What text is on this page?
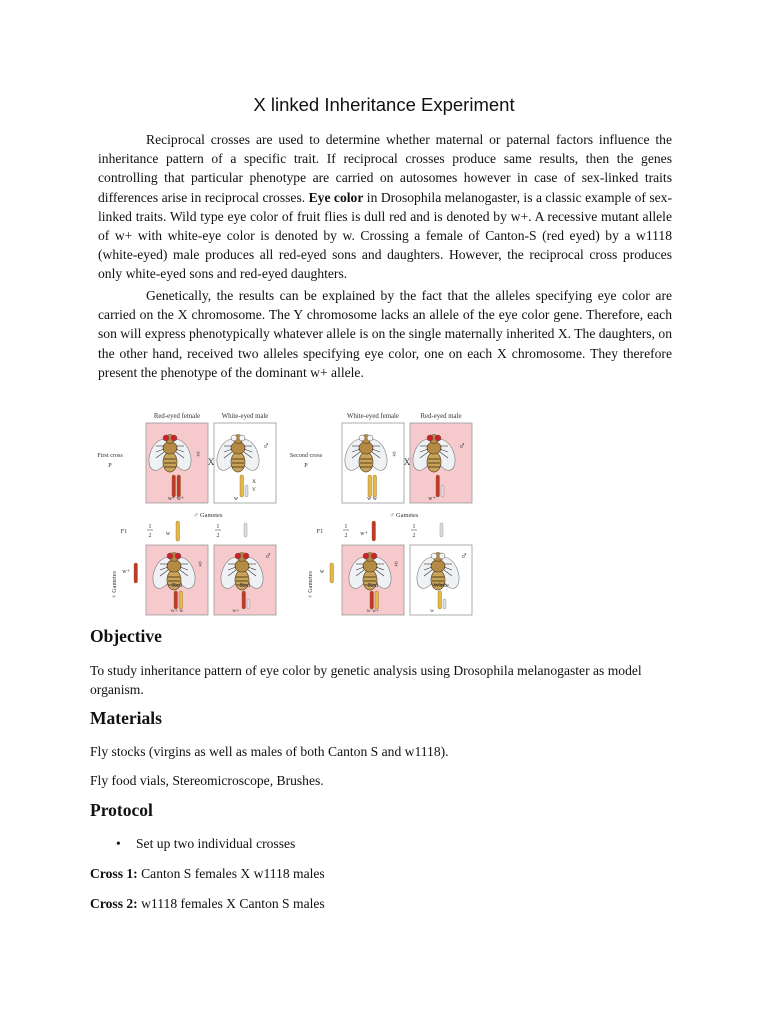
X linked Inheritance Experiment

Reciprocal crosses are used to determine whether maternal or paternal factors influence the inheritance pattern of a specific trait. If reciprocal crosses produce same results, then the genes controlling that particular phenotype are carried on autosomes however in case of sex-linked traits differences arise in reciprocal crosses. Eye color in Drosophila melanogaster, is a classic example of sex-linked traits. Wild type eye color of fruit flies is dull red and is denoted by w+. A recessive mutant allele of w+ with white-eye color is denoted by w. Crossing a female of Canton-S (red eyed) by a w1118 (white-eyed) male produces all red-eyed sons and daughters. However, the reciprocal cross produces only white-eyed sons and red-eyed daughters.

Genetically, the results can be explained by the fact that the alleles specifying eye color are carried on the X chromosome. The Y chromosome lacks an allele of the eye color gene. Therefore, each son will express phenotypically whatever allele is on the single maternally inherited X. The daughters, on the other hand, received two alleles specifying eye color, one on each X chromosome. They therefore present the phenotype of the dominant w+ allele.

Red-eyed female	White-eyed male
First cross
P
♀
♂
X
w+ w+	w
X
Y
♂ Gametes
F1
1
2 w
1
2
♀ Gametes w+
♀
♂
Red	Red
w+ w	w+
White-eyed female	Red-eyed male
Second cross
P
♀
♂
X
w w	w+
♂ Gametes
F1
1
2 w+
1
2
♀ Gametes w
♀
♂
Red	White
w w+	w
Objective

To study inheritance pattern of eye color by genetic analysis using Drosophila melanogaster as model organism.

Materials

Fly stocks (virgins as well as males of both Canton S and w1118).

Fly food vials, Stereomicroscope, Brushes.

Protocol
• Set up two individual crosses

Cross 1: Canton S females X w1118 males

Cross 2: w1118 females X Canton S males
